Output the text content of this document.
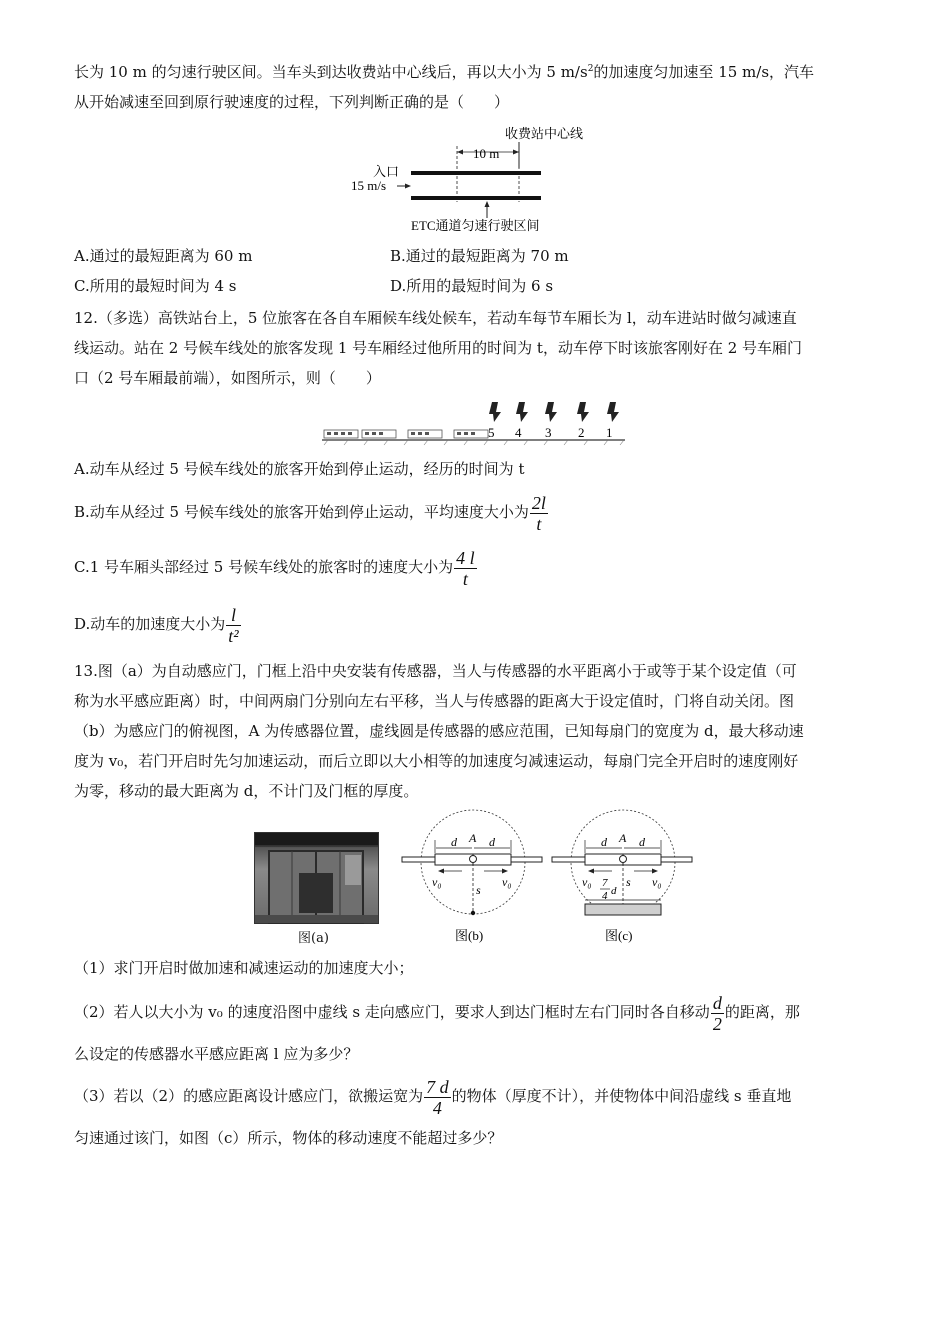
长为 10 m 的匀速行驶区间。当车头到达收费站中心线后，再以大小为 5 $m/s^2$的加速度匀加速至 15 m/s，汽车
从开始减速至回到原行驶速度的过程，下列判断正确的是（　　）
收费站中心线
10 m
入口
15 m/s
ETC通道匀速行驶区间
A.通过的最短距离为 60 m	B.通过的最短距离为 70 m
C.所用的最短时间为 4 s	D.所用的最短时间为 6 s
12.（多选）高铁站台上，5 位旅客在各自车厢候车线处候车，若动车每节车厢长为 l，动车进站时做匀减速直
线运动。站在 2 号候车线处的旅客发现 1 号车厢经过他所用的时间为 t，动车停下时该旅客刚好在 2 号车厢门
口（2 号车厢最前端），如图所示，则（　　）
5 4 3 2 1
A.动车从经过 5 号候车线处的旅客开始到停止运动，经历的时间为 t
B.动车从经过 5 号候车线处的旅客开始到停止运动，平均速度大小为 $\frac{2l}{t}$
C.1 号车厢头部经过 5 号候车线处的旅客时的速度大小为 $\frac{4 l}{t}$
D.动车的加速度大小为 $\frac{l}{\text{t²}}$
13.图（a）为自动感应门，门框上沿中央安装有传感器，当人与传感器的水平距离小于或等于某个设定值（可
称为水平感应距离）时，中间两扇门分别向左右平移，当人与传感器的距离大于设定值时，门将自动关闭。图
（b）为感应门的俯视图，A 为传感器位置，虚线圆是传感器的感应范围，已知每扇门的宽度为 d，最大移动速
度为 v₀，若门开启时先匀加速运动，而后立即以大小相等的加速度匀减速运动，每扇门完全开启时的速度刚好
为零，移动的最大距离为 d，不计门及门框的厚度。
图(a)
A
d	d
v₀	v₀
s
图(b)
A
d	d
v₀	v₀
s
7
4 d
图(c)
（1）求门开启时做加速和减速运动的加速度大小；
（2）若人以大小为 v₀ 的速度沿图中虚线 s 走向感应门，要求人到达门框时左右门同时各自移动 $\frac{d}{2}$ 的距离，那
么设定的传感器水平感应距离 l 应为多少？
（3）若以（2）的感应距离设计感应门，欲搬运宽为 $\frac{7 d}{4}$ 的物体（厚度不计），并使物体中间沿虚线 s 垂直地
匀速通过该门，如图（c）所示，物体的移动速度不能超过多少？
